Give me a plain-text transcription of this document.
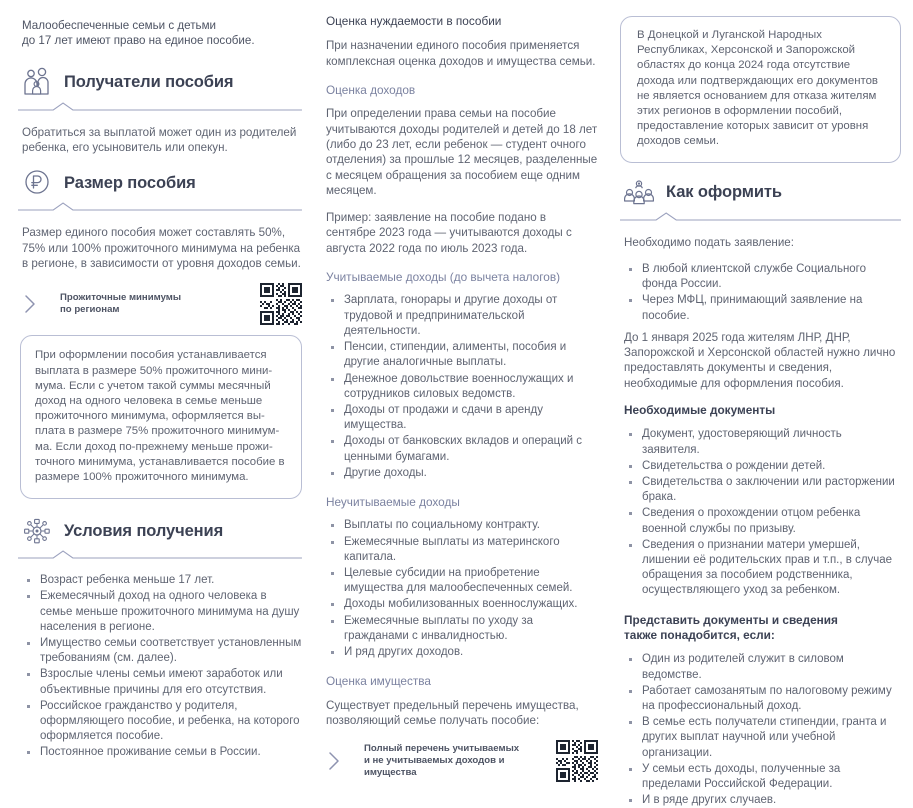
Малообеспеченные семьи с детьми
до 17 лет имеют право на единое пособие.
Получатели пособия

Обратиться за выплатой может один из родителей ребенка, его усыновитель или опекун.

Размер пособия

Размер единого пособия может составлять 50%, 75% или 100% прожиточного минимума на ребенка в регионе, в зависимости от уровня доходов семьи.

Прожиточные минимумы
по регионам
При оформлении пособия устанавливается выплата в размере 50% прожиточного минимума. Если с учетом такой суммы месячный доход на одного человека в семье меньше прожиточного минимума, оформляется выплата в размере 75% прожиточного минимумма. Если доход по-прежнему меньше прожиточного минимума, устанавливается пособие в размере 100% прожиточного минимума.
Условия получения
Возраст ребенка меньше 17 лет.
Ежемесячный доход на одного человека в семье меньше прожиточного минимума на душу населения в регионе.
Имущество семьи соответствует установленным требованиям (см. далее).
Взрослые члены семьи имеют заработок или объективные причины для его отсутствия.
Российское гражданство у родителя, оформляющего пособие, и ребенка, на которого оформляется пособие.
Постоянное проживание семьи в России.
Оценка нуждаемости в пособии

При назначении единого пособия применяется комплексная оценка доходов и имущества семьи.

Оценка доходов

При определении права семьи на пособие учитываются доходы родителей и детей до 18 лет (либо до 23 лет, если ребенок — студент очного отделения) за прошлые 12 месяцев, разделенные с месяцем обращения за пособием еще одним месяцем.

Пример: заявление на пособие подано в сентябре 2023 года — учитываются доходы с августа 2022 года по июль 2023 года.

Учитываемые доходы (до вычета налогов)
Зарплата, гонорары и другие доходы от трудовой и предпринимательской деятельности.
Пенсии, стипендии, алименты, пособия и другие аналогичные выплаты.
Денежное довольствие военнослужащих и сотрудников силовых ведомств.
Доходы от продажи и сдачи в аренду имущества.
Доходы от банковских вкладов и операций с ценными бумагами.
Другие доходы.
Неучитываемые доходы
Выплаты по социальному контракту.
Ежемесячные выплаты из материнского капитала.
Целевые субсидии на приобретение имущества для малообеспеченных семей.
Доходы мобилизованных военнослужащих.
Ежемесячные выплаты по уходу за гражданами с инвалидностью.
И ряд других доходов.
Оценка имущества

Существует предельный перечень имущества, позволяющий семье получать пособие:

Полный перечень учитываемых
и не учитываемых доходов и имущества
В Донецкой и Луганской Народных Республиках, Херсонской и Запорожской областях до конца 2024 года отсутствие дохода или подтверждающих его документов не является основанием для отказа жителям этих регионов в оформлении пособий, предоставление которых зависит от уровня доходов семьи.
Как оформить

Необходимо подать заявление:

В любой клиентской службе Социального фонда России.
Через МФЦ, принимающий заявление на пособие.

До 1 января 2025 года жителям ЛНР, ДНР, Запорожской и Херсонской областей нужно лично предоставлять документы и сведения, необходимые для оформления пособия.

Необходимые документы
Документ, удостоверяющий личность заявителя.
Свидетельства о рождении детей.
Свидетельства о заключении или расторжении брака.
Сведения о прохождении отцом ребенка военной службы по призыву.
Сведения о признании матери умершей, лишении её родительских прав и т.п., в случае обращения за пособием родственника, осуществляющего уход за ребенком.
Представить документы и сведения
также понадобится, если:
Один из родителей служит в силовом ведомстве.
Работает самозанятым по налоговому режиму на профессиональный доход.
В семье есть получатели стипендии, гранта и других выплат научной или учебной организации.
У семьи есть доходы, полученные за пределами Российской Федерации.
И в ряде других случаев.
